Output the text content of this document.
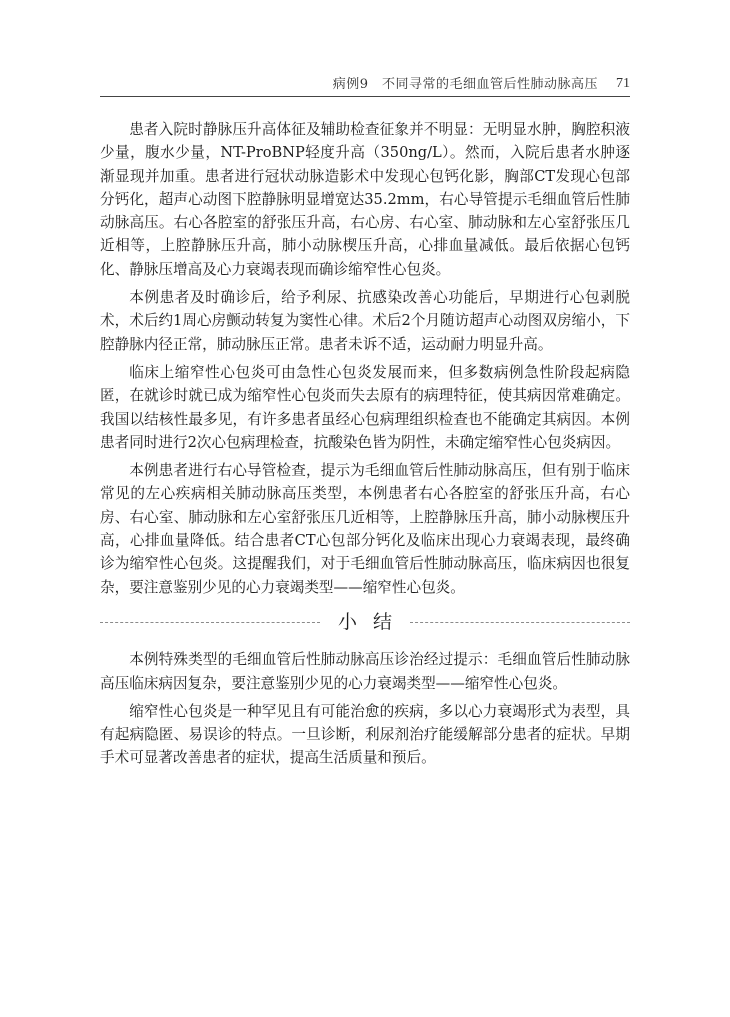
病例9　不同寻常的毛细血管后性肺动脉高压 71

患者入院时静脉压升高体征及辅助检查征象并不明显：无明显水肿，胸腔积液少量，腹水少量，NT-ProBNP轻度升高（350ng/L）。然而，入院后患者水肿逐渐显现并加重。患者进行冠状动脉造影术中发现心包钙化影，胸部CT发现心包部分钙化，超声心动图下腔静脉明显增宽达35.2mm，右心导管提示毛细血管后性肺动脉高压。右心各腔室的舒张压升高，右心房、右心室、肺动脉和左心室舒张压几近相等，上腔静脉压升高，肺小动脉楔压升高，心排血量减低。最后依据心包钙化、静脉压增高及心力衰竭表现而确诊缩窄性心包炎。

本例患者及时确诊后，给予利尿、抗感染改善心功能后，早期进行心包剥脱术，术后约1周心房颤动转复为窦性心律。术后2个月随访超声心动图双房缩小，下腔静脉内径正常，肺动脉压正常。患者未诉不适，运动耐力明显升高。

临床上缩窄性心包炎可由急性心包炎发展而来，但多数病例急性阶段起病隐匿，在就诊时就已成为缩窄性心包炎而失去原有的病理特征，使其病因常难确定。我国以结核性最多见，有许多患者虽经心包病理组织检查也不能确定其病因。本例患者同时进行2次心包病理检查，抗酸染色皆为阴性，未确定缩窄性心包炎病因。

本例患者进行右心导管检查，提示为毛细血管后性肺动脉高压，但有别于临床常见的左心疾病相关肺动脉高压类型，本例患者右心各腔室的舒张压升高，右心房、右心室、肺动脉和左心室舒张压几近相等，上腔静脉压升高，肺小动脉楔压升高，心排血量降低。结合患者CT心包部分钙化及临床出现心力衰竭表现，最终确诊为缩窄性心包炎。这提醒我们，对于毛细血管后性肺动脉高压，临床病因也很复杂，要注意鉴别少见的心力衰竭类型——缩窄性心包炎。

小结

本例特殊类型的毛细血管后性肺动脉高压诊治经过提示：毛细血管后性肺动脉高压临床病因复杂，要注意鉴别少见的心力衰竭类型——缩窄性心包炎。

缩窄性心包炎是一种罕见且有可能治愈的疾病，多以心力衰竭形式为表型，具有起病隐匿、易误诊的特点。一旦诊断，利尿剂治疗能缓解部分患者的症状。早期手术可显著改善患者的症状，提高生活质量和预后。
